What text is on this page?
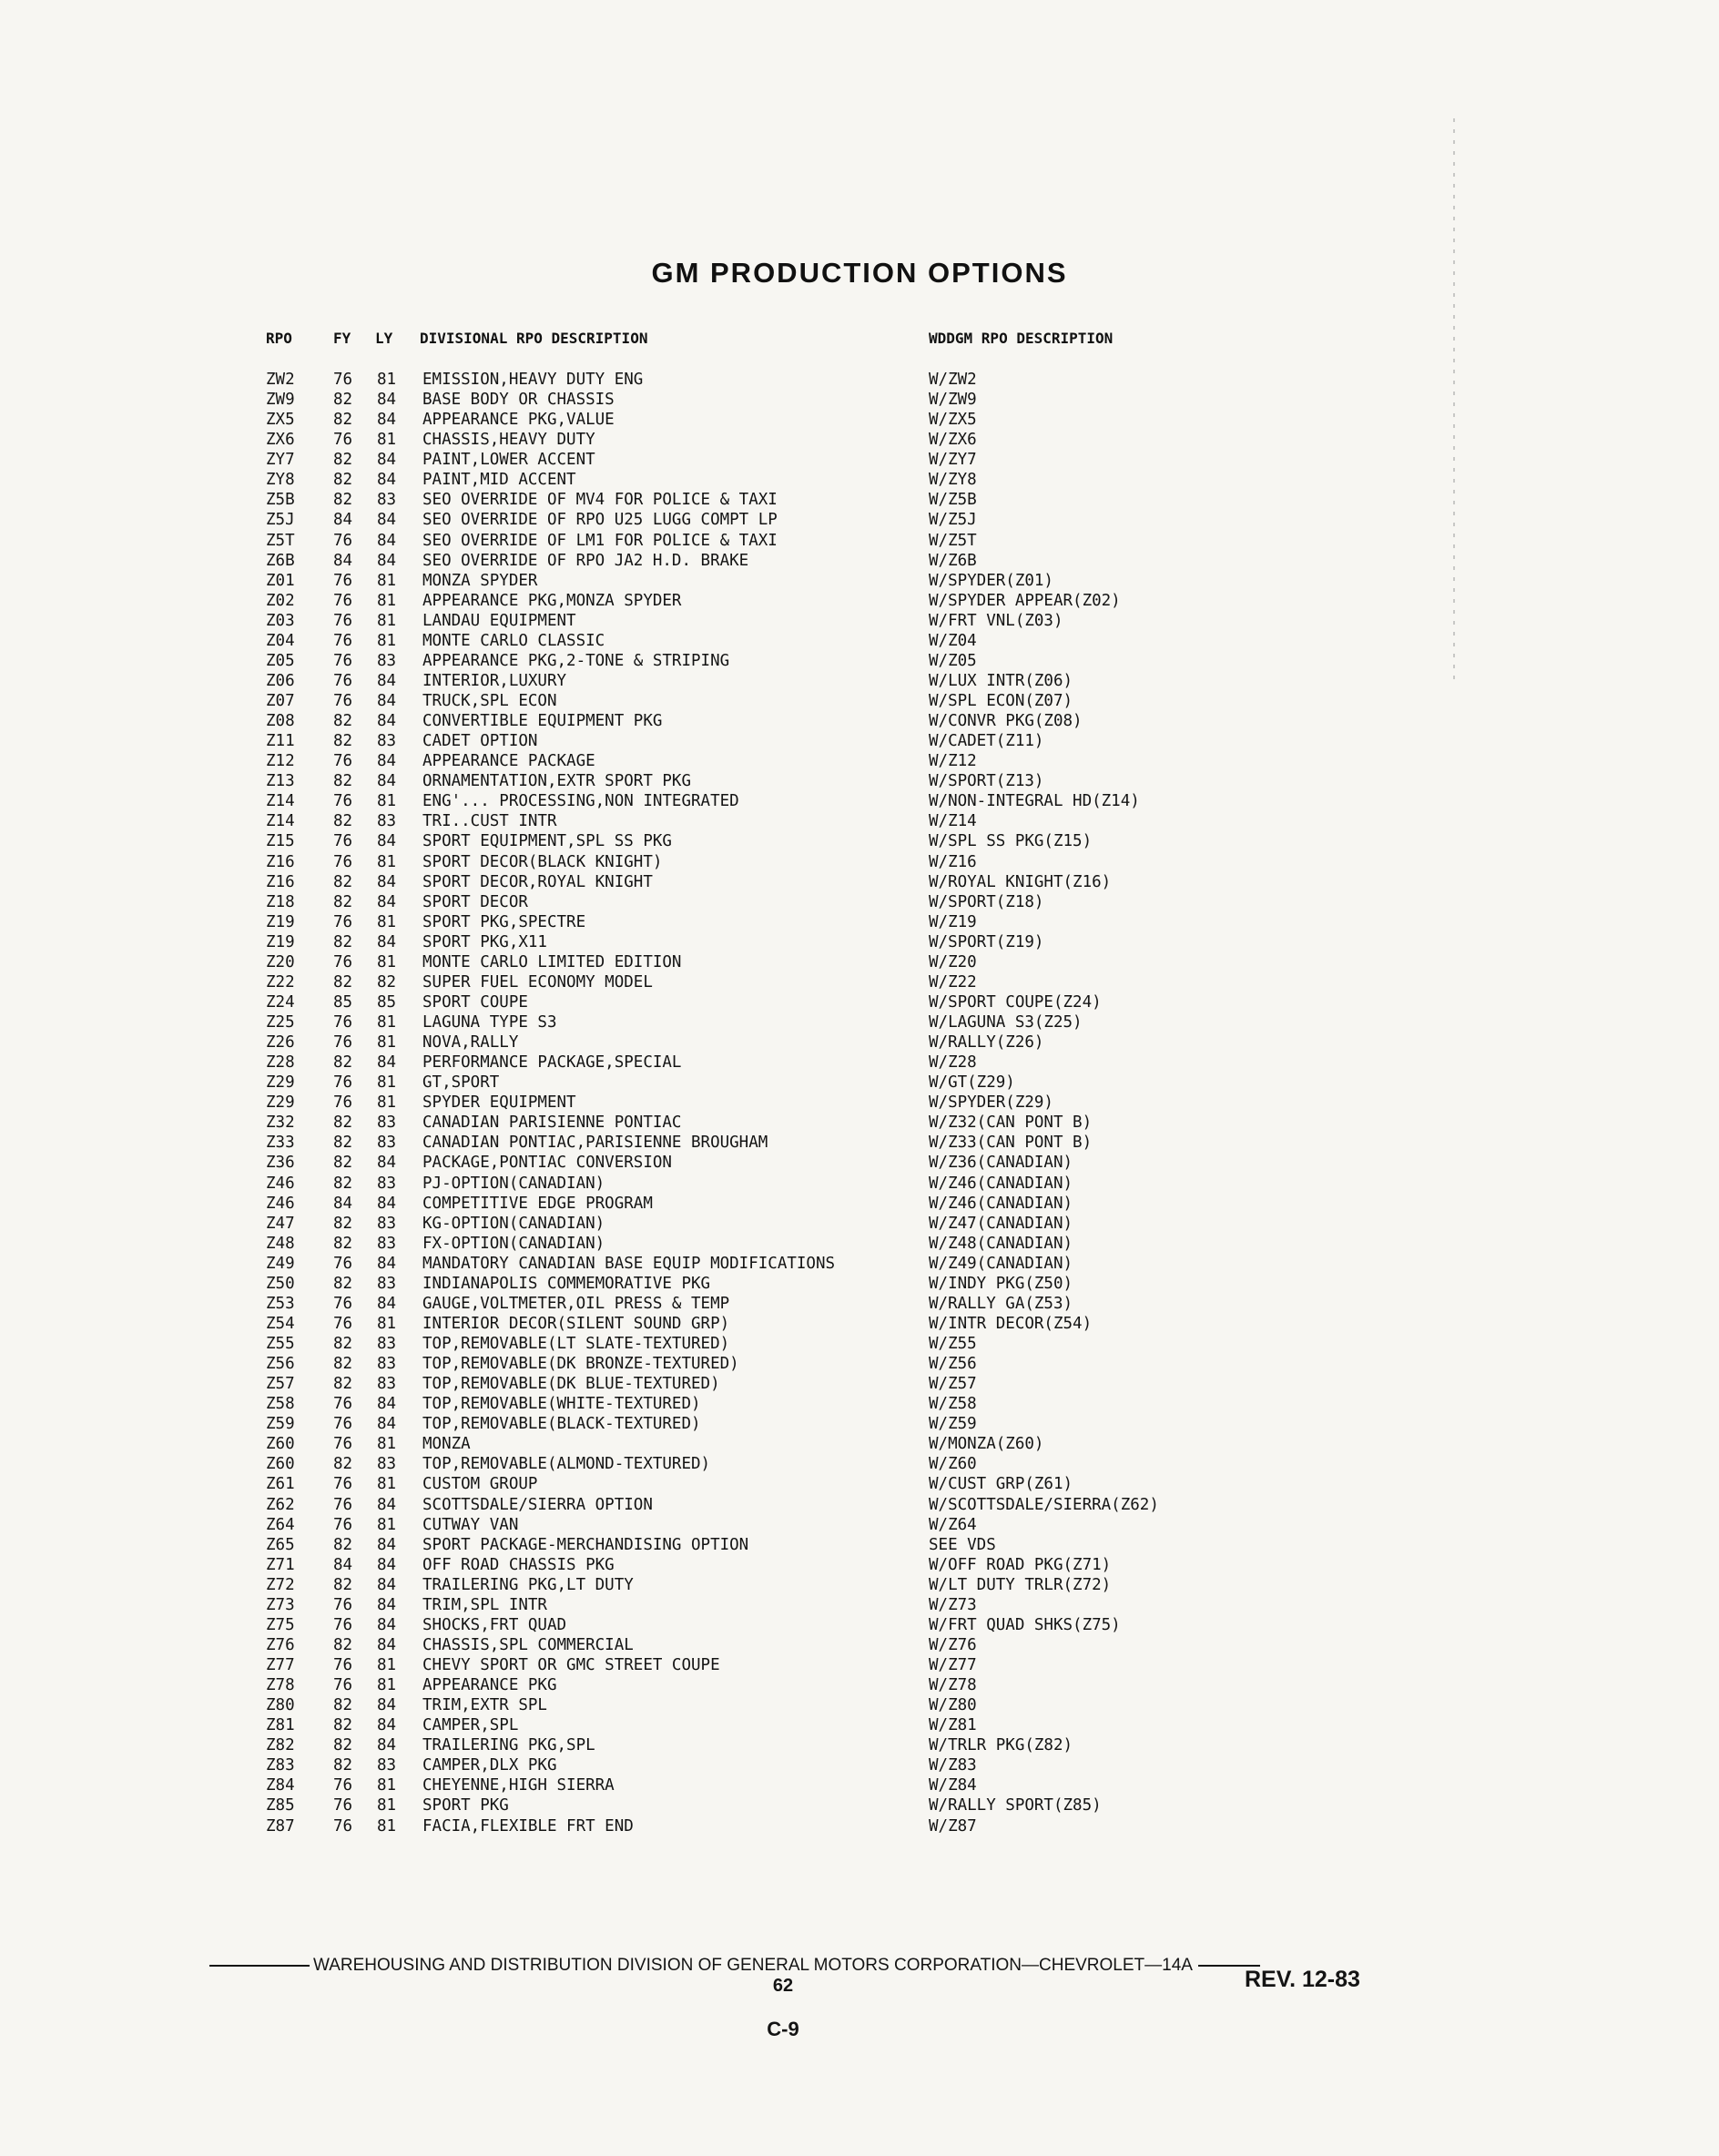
GM PRODUCTION OPTIONS
RPO	FY LY DIVISIONAL RPO DESCRIPTION	WDDGM RPO DESCRIPTION
ZW2 76 81 EMISSION,HEAVY DUTY ENG	W/ZW2
ZW9 82 84 BASE BODY OR CHASSIS	W/ZW9
ZX5 82 84 APPEARANCE PKG,VALUE	W/ZX5
ZX6 76 81 CHASSIS,HEAVY DUTY	W/ZX6
ZY7 82 84 PAINT,LOWER ACCENT	W/ZY7
ZY8 82 84 PAINT,MID ACCENT	W/ZY8
Z5B 82 83 SEO OVERRIDE OF MV4 FOR POLICE & TAXI	W/Z5B
Z5J 84 84 SEO OVERRIDE OF RPO U25 LUGG COMPT LP	W/Z5J
Z5T 76 84 SEO OVERRIDE OF LM1 FOR POLICE & TAXI	W/Z5T
Z6B 84 84 SEO OVERRIDE OF RPO JA2 H.D. BRAKE	W/Z6B
Z01 76 81 MONZA SPYDER	W/SPYDER(Z01)
Z02 76 81 APPEARANCE PKG,MONZA SPYDER	W/SPYDER APPEAR(Z02)
Z03 76 81 LANDAU EQUIPMENT	W/FRT VNL(Z03)
Z04 76 81 MONTE CARLO CLASSIC	W/Z04
Z05 76 83 APPEARANCE PKG,2-TONE & STRIPING	W/Z05
Z06 76 84 INTERIOR,LUXURY	W/LUX INTR(Z06)
Z07 76 84 TRUCK,SPL ECON	W/SPL ECON(Z07)
Z08 82 84 CONVERTIBLE EQUIPMENT PKG	W/CONVR PKG(Z08)
Z11 82 83 CADET OPTION	W/CADET(Z11)
Z12 76 84 APPEARANCE PACKAGE	W/Z12
Z13 82 84 ORNAMENTATION,EXTR SPORT PKG	W/SPORT(Z13)
Z14 76 81 ENG'... PROCESSING,NON INTEGRATED	W/NON-INTEGRAL HD(Z14)
Z14 82 83 TRI..CUST INTR	W/Z14
Z15 76 84 SPORT EQUIPMENT,SPL SS PKG	W/SPL SS PKG(Z15)
Z16 76 81 SPORT DECOR(BLACK KNIGHT)	W/Z16
Z16 82 84 SPORT DECOR,ROYAL KNIGHT	W/ROYAL KNIGHT(Z16)
Z18 82 84 SPORT DECOR	W/SPORT(Z18)
Z19 76 81 SPORT PKG,SPECTRE	W/Z19
Z19 82 84 SPORT PKG,X11	W/SPORT(Z19)
Z20 76 81 MONTE CARLO LIMITED EDITION	W/Z20
Z22 82 82 SUPER FUEL ECONOMY MODEL	W/Z22
Z24 85 85 SPORT COUPE	W/SPORT COUPE(Z24)
Z25 76 81 LAGUNA TYPE S3	W/LAGUNA S3(Z25)
Z26 76 81 NOVA,RALLY	W/RALLY(Z26)
Z28 82 84 PERFORMANCE PACKAGE,SPECIAL	W/Z28
Z29 76 81 GT,SPORT	W/GT(Z29)
Z29 76 81 SPYDER EQUIPMENT	W/SPYDER(Z29)
Z32 82 83 CANADIAN PARISIENNE PONTIAC	W/Z32(CAN PONT B)
Z33 82 83 CANADIAN PONTIAC,PARISIENNE BROUGHAM	W/Z33(CAN PONT B)
Z36 82 84 PACKAGE,PONTIAC CONVERSION	W/Z36(CANADIAN)
Z46 82 83 PJ-OPTION(CANADIAN)	W/Z46(CANADIAN)
Z46 84 84 COMPETITIVE EDGE PROGRAM	W/Z46(CANADIAN)
Z47 82 83 KG-OPTION(CANADIAN)	W/Z47(CANADIAN)
Z48 82 83 FX-OPTION(CANADIAN)	W/Z48(CANADIAN)
Z49 76 84 MANDATORY CANADIAN BASE EQUIP MODIFICATIONS	W/Z49(CANADIAN)
Z50 82 83 INDIANAPOLIS COMMEMORATIVE PKG	W/INDY PKG(Z50)
Z53 76 84 GAUGE,VOLTMETER,OIL PRESS & TEMP	W/RALLY GA(Z53)
Z54 76 81 INTERIOR DECOR(SILENT SOUND GRP)	W/INTR DECOR(Z54)
Z55 82 83 TOP,REMOVABLE(LT SLATE-TEXTURED)	W/Z55
Z56 82 83 TOP,REMOVABLE(DK BRONZE-TEXTURED)	W/Z56
Z57 82 83 TOP,REMOVABLE(DK BLUE-TEXTURED)	W/Z57
Z58 76 84 TOP,REMOVABLE(WHITE-TEXTURED)	W/Z58
Z59 76 84 TOP,REMOVABLE(BLACK-TEXTURED)	W/Z59
Z60 76 81 MONZA	W/MONZA(Z60)
Z60 82 83 TOP,REMOVABLE(ALMOND-TEXTURED)	W/Z60
Z61 76 81 CUSTOM GROUP	W/CUST GRP(Z61)
Z62 76 84 SCOTTSDALE/SIERRA OPTION	W/SCOTTSDALE/SIERRA(Z62)
Z64 76 81 CUTWAY VAN	W/Z64
Z65 82 84 SPORT PACKAGE-MERCHANDISING OPTION	SEE VDS
Z71 84 84 OFF ROAD CHASSIS PKG	W/OFF ROAD PKG(Z71)
Z72 82 84 TRAILERING PKG,LT DUTY	W/LT DUTY TRLR(Z72)
Z73 76 84 TRIM,SPL INTR	W/Z73
Z75 76 84 SHOCKS,FRT QUAD	W/FRT QUAD SHKS(Z75)
Z76 82 84 CHASSIS,SPL COMMERCIAL	W/Z76
Z77 76 81 CHEVY SPORT OR GMC STREET COUPE	W/Z77
Z78 76 81 APPEARANCE PKG	W/Z78
Z80 82 84 TRIM,EXTR SPL	W/Z80
Z81 82 84 CAMPER,SPL	W/Z81
Z82 82 84 TRAILERING PKG,SPL	W/TRLR PKG(Z82)
Z83 82 83 CAMPER,DLX PKG	W/Z83
Z84 76 81 CHEYENNE,HIGH SIERRA	W/Z84
Z85 76 81 SPORT PKG	W/RALLY SPORT(Z85)
Z87 76 81 FACIA,FLEXIBLE FRT END	W/Z87
WAREHOUSING AND DISTRIBUTION DIVISION OF GENERAL MOTORS CORPORATION—CHEVROLET—14A
62	REV. 12-83
C-9
